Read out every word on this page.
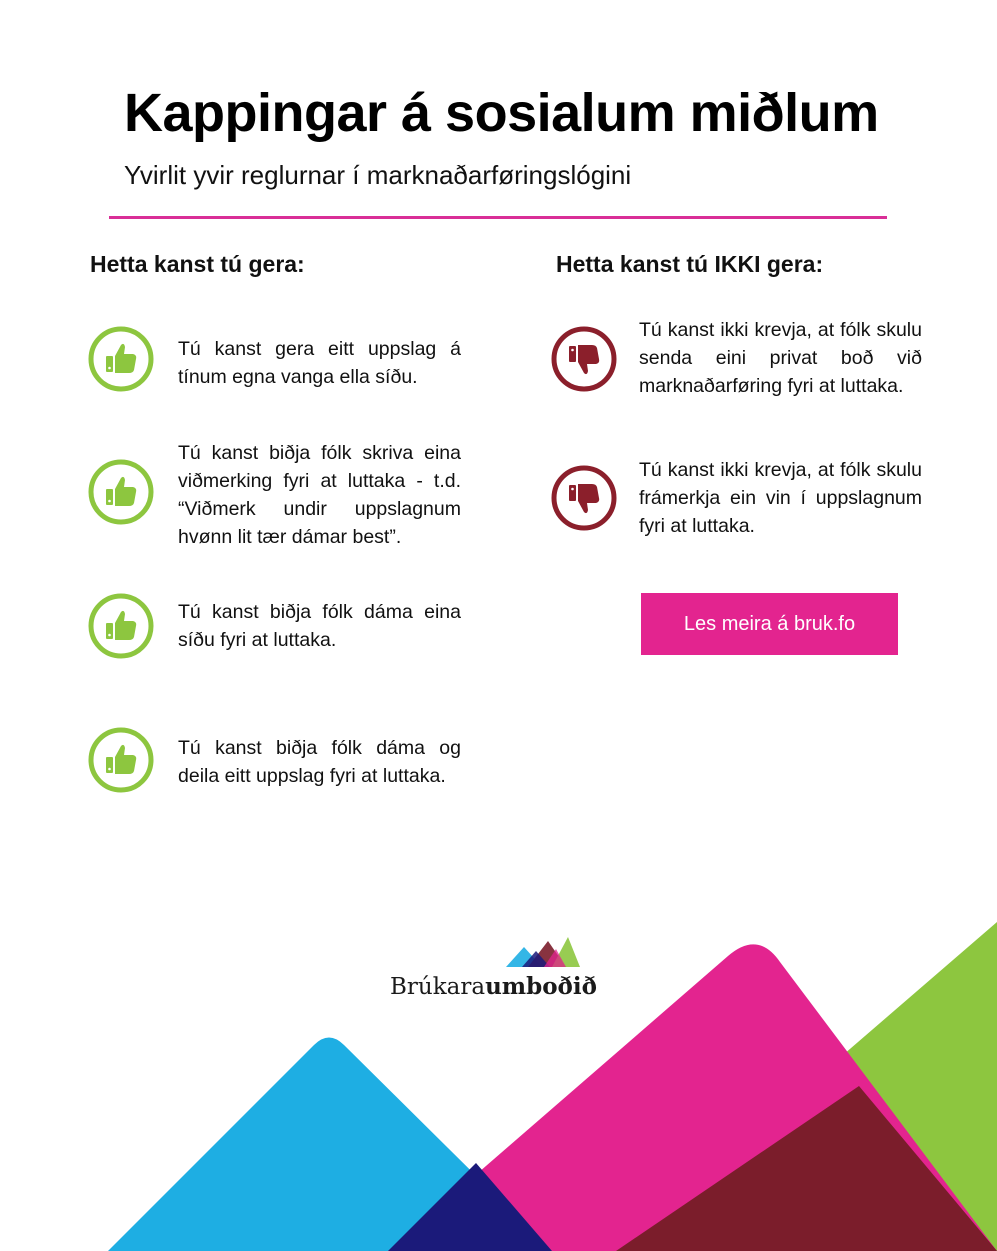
Kappingar á sosialum miðlum

Yvirlit yvir reglurnar í marknaðarføringslógini

Hetta kanst tú gera:	Hetta kanst tú IKKI gera:
Tú kanst gera eitt uppslag á tínum egna vanga ella síðu.
Tú kanst biðja fólk skriva eina viðmerking fyri at luttaka - t.d. “Viðmerk undir uppslagnum hvønn lit tær dámar best”.
Tú kanst biðja fólk dáma eina síðu fyri at luttaka.
Tú kanst biðja fólk dáma og deila eitt uppslag fyri at luttaka.
Tú kanst ikki krevja, at fólk skulu senda eini privat boð við marknaðarføring fyri at luttaka.
Tú kanst ikki krevja, at fólk skulu frámerkja ein vin í uppslagnum fyri at luttaka.
Les meira á bruk.fo
Brúkaraumboðið
